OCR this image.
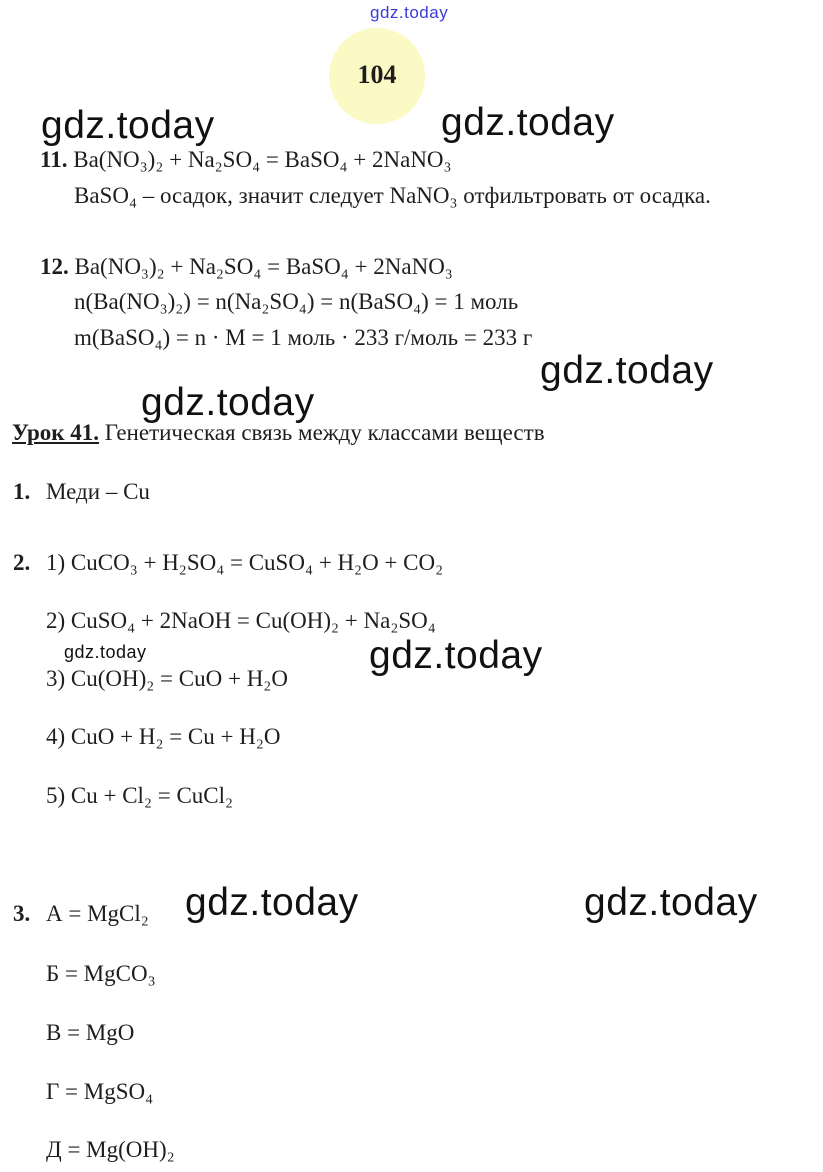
gdz.today
104
gdz.today	gdz.today
gdz.today
gdz.today
gdz.today
gdz.today
gdz.today	gdz.today
11. Ba(NO₃)₂ + Na₂SO₄ = BaSO₄ + 2NaNO₃
BaSO₄ – осадок, значит следует NaNO₃ отфильтровать от осадка.
12. Ba(NO₃)₂ + Na₂SO₄ = BaSO₄ + 2NaNO₃
n(Ba(NO₃)₂) = n(Na₂SO₄) = n(BaSO₄) = 1 моль
m(BaSO₄) = n · M = 1 моль · 233 г/моль = 233 г
Урок 41. Генетическая связь между классами веществ
1. Меди – Cu
2. 1) CuCO₃ + H₂SO₄ = CuSO₄ + H₂O + CO₂
2) CuSO₄ + 2NaOH = Cu(OH)₂ + Na₂SO₄
3) Cu(OH)₂ = CuO + H₂O
4) CuO + H₂ = Cu + H₂O
5) Cu + Cl₂ = CuCl₂
3. А = MgCl₂
Б = MgCO₃
В = MgO
Г = MgSO₄
Д = Mg(OH)₂
